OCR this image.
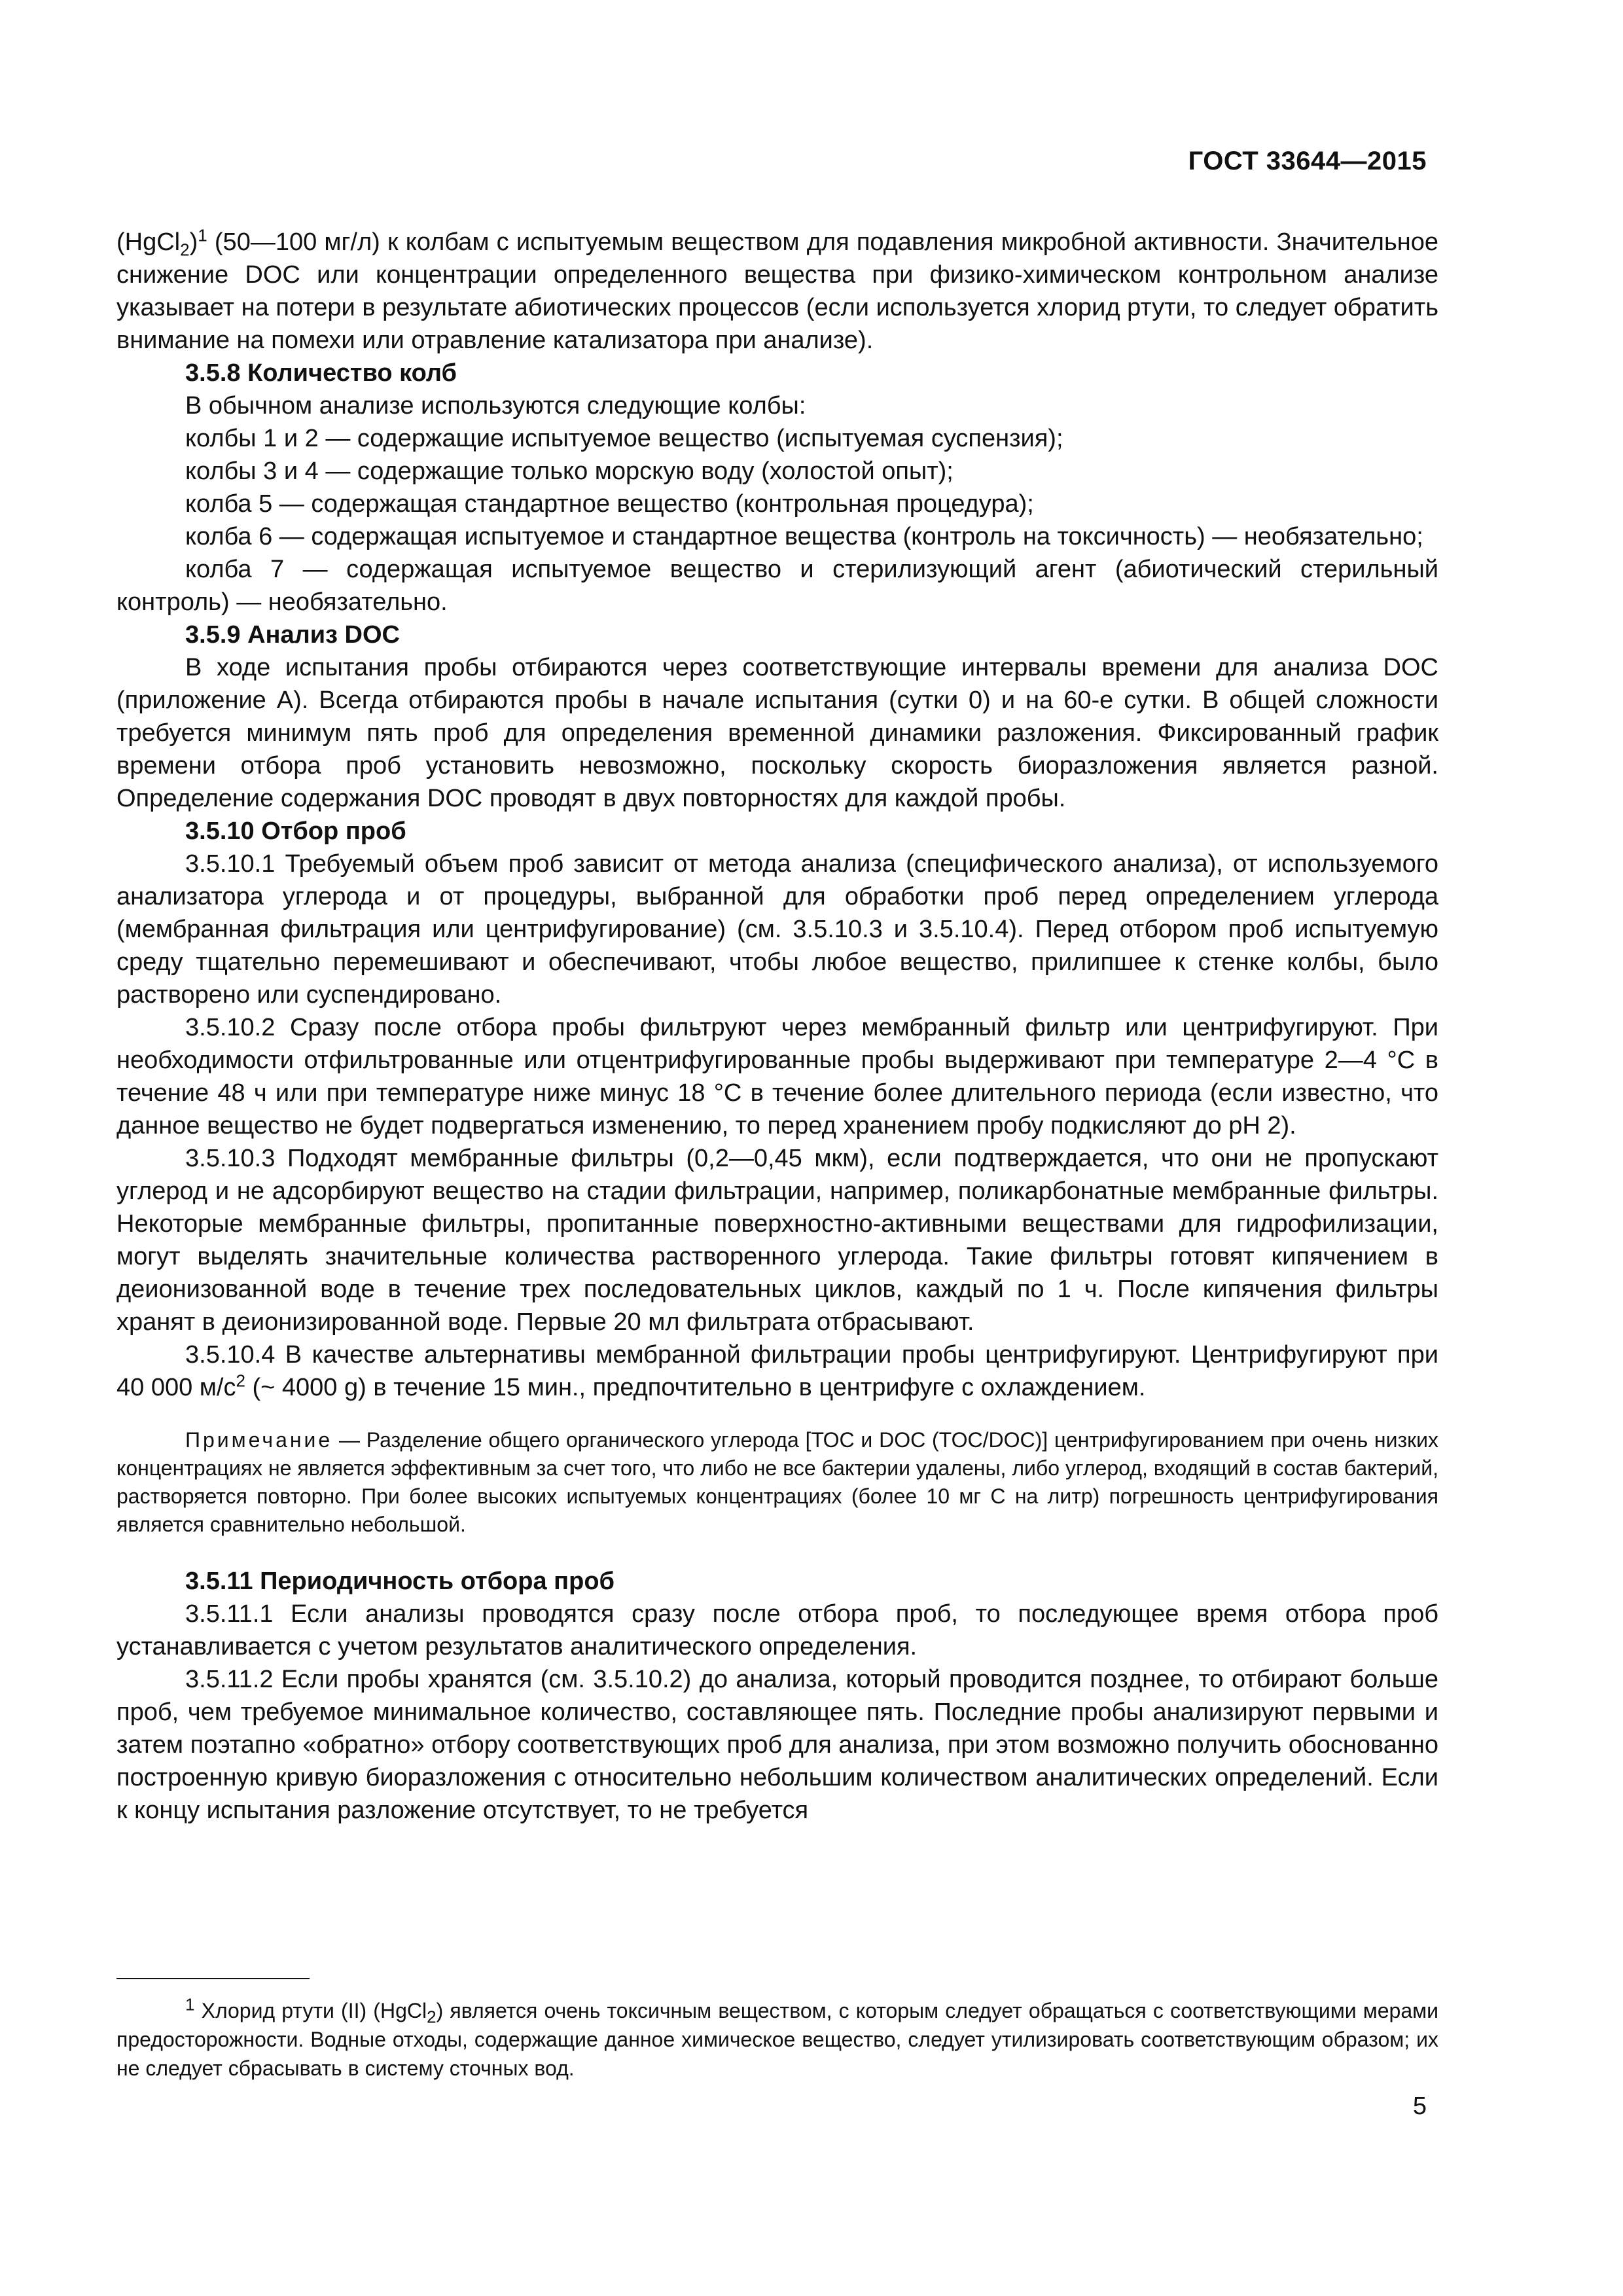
ГОСТ 33644—2015

(HgCl$_2$)$^1$ (50—100 мг/л) к колбам с испытуемым веществом для подавления микробной активности. Значительное снижение DOC или концентрации определенного вещества при физико-химическом контрольном анализе указывает на потери в результате абиотических процессов (если используется хлорид ртути, то следует обратить внимание на помехи или отравление катализатора при анализе).

3.5.8 Количество колб

В обычном анализе используются следующие колбы:

колбы 1 и 2 — содержащие испытуемое вещество (испытуемая суспензия);

колбы 3 и 4 — содержащие только морскую воду (холостой опыт);

колба 5 — содержащая стандартное вещество (контрольная процедура);

колба 6 — содержащая испытуемое и стандартное вещества (контроль на токсичность) — необязательно;

колба 7 — содержащая испытуемое вещество и стерилизующий агент (абиотический стерильный контроль) — необязательно.

3.5.9 Анализ DOC

В ходе испытания пробы отбираются через соответствующие интервалы времени для анализа DOC (приложение А). Всегда отбираются пробы в начале испытания (сутки 0) и на 60-е сутки. В общей сложности требуется минимум пять проб для определения временной динамики разложения. Фиксированный график времени отбора проб установить невозможно, поскольку скорость биоразложения является разной. Определение содержания DOC проводят в двух повторностях для каждой пробы.

3.5.10 Отбор проб

3.5.10.1 Требуемый объем проб зависит от метода анализа (специфического анализа), от используемого анализатора углерода и от процедуры, выбранной для обработки проб перед определением углерода (мембранная фильтрация или центрифугирование) (см. 3.5.10.3 и 3.5.10.4). Перед отбором проб испытуемую среду тщательно перемешивают и обеспечивают, чтобы любое вещество, прилипшее к стенке колбы, было растворено или суспендировано.

3.5.10.2 Сразу после отбора пробы фильтруют через мембранный фильтр или центрифугируют. При необходимости отфильтрованные или отцентрифугированные пробы выдерживают при температуре 2—4 °С в течение 48 ч или при температуре ниже минус 18 °С в течение более длительного периода (если известно, что данное вещество не будет подвергаться изменению, то перед хранением пробу подкисляют до pH 2).

3.5.10.3 Подходят мембранные фильтры (0,2—0,45 мкм), если подтверждается, что они не пропускают углерод и не адсорбируют вещество на стадии фильтрации, например, поликарбонатные мембранные фильтры. Некоторые мембранные фильтры, пропитанные поверхностно-активными веществами для гидрофилизации, могут выделять значительные количества растворенного углерода. Такие фильтры готовят кипячением в деионизованной воде в течение трех последовательных циклов, каждый по 1 ч. После кипячения фильтры хранят в деионизированной воде. Первые 20 мл фильтрата отбрасывают.

3.5.10.4 В качестве альтернативы мембранной фильтрации пробы центрифугируют. Центрифугируют при 40 000 $м/с^2$ (~ 4000 g) в течение 15 мин., предпочтительно в центрифуге с охлаждением.

Примечание — Разделение общего органического углерода [ТОС и DOC (TOC/DOC)] центрифугированием при очень низких концентрациях не является эффективным за счет того, что либо не все бактерии удалены, либо углерод, входящий в состав бактерий, растворяется повторно. При более высоких испытуемых концентрациях (более 10 мг С на литр) погрешность центрифугирования является сравнительно небольшой.

3.5.11 Периодичность отбора проб

3.5.11.1 Если анализы проводятся сразу после отбора проб, то последующее время отбора проб устанавливается с учетом результатов аналитического определения.

3.5.11.2 Если пробы хранятся (см. 3.5.10.2) до анализа, который проводится позднее, то отбирают больше проб, чем требуемое минимальное количество, составляющее пять. Последние пробы анализируют первыми и затем поэтапно «обратно» отбору соответствующих проб для анализа, при этом возможно получить обоснованно построенную кривую биоразложения с относительно небольшим количеством аналитических определений. Если к концу испытания разложение отсутствует, то не требуется

$^1$ Хлорид ртути (II) (HgCl$_2$) является очень токсичным веществом, с которым следует обращаться с соответствующими мерами предосторожности. Водные отходы, содержащие данное химическое вещество, следует утилизировать соответствующим образом; их не следует сбрасывать в систему сточных вод.

5
